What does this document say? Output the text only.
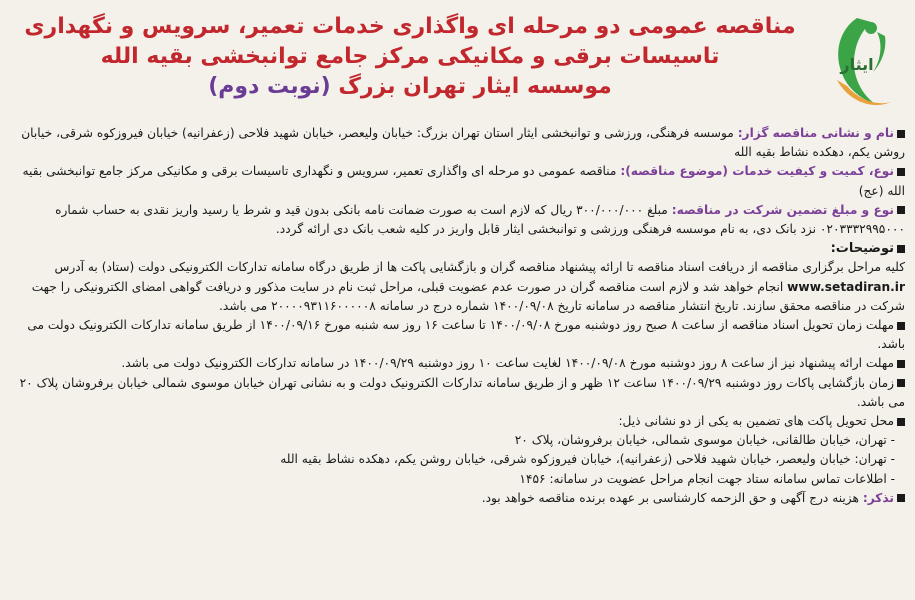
ایثار
مناقصه عمومی دو مرحله ای واگذاری خدمات تعمیر، سرویس و نگهداری
تاسیسات برقی و مکانیکی مرکز جامع توانبخشی بقیه الله
موسسه ایثار تهران بزرگ (نوبت دوم)

نام و نشانی مناقصه گزار: موسسه فرهنگی، ورزشی و توانبخشی ایثار استان تهران بزرگ: خیابان ولیعصر، خیابان شهید فلاحی (زعفرانیه) خیابان فیروزکوه شرقی، خیابان روشن یکم، دهکده نشاط بقیه الله

نوع، کمیت و کیفیت خدمات (موضوع مناقصه): مناقصه عمومی دو مرحله ای واگذاری تعمیر، سرویس و نگهداری تاسیسات برقی و مکانیکی مرکز جامع توانبخشی بقیه الله (عج)

نوع و مبلغ تضمین شرکت در مناقصه: مبلغ ۳۰۰/۰۰۰/۰۰۰ ریال که لازم است به صورت ضمانت نامه بانکی بدون قید و شرط یا رسید واریز نقدی به حساب شماره ۰۲۰۳۳۳۲۹۹۵۰۰۰ نزد بانک دی، به نام موسسه فرهنگی ورزشی و توانبخشی ایثار قابل واریز در کلیه شعب بانک دی ارائه گردد.

توضیحات:

کلیه مراحل برگزاری مناقصه از دریافت اسناد مناقصه تا ارائه پیشنهاد مناقصه گران و بازگشایی پاکت ها از طریق درگاه سامانه تدارکات الکترونیکی دولت (ستاد) به آدرس www.setadiran.ir انجام خواهد شد و لازم است مناقصه گران در صورت عدم عضویت قبلی، مراحل ثبت نام در سایت مذکور و دریافت گواهی امضای الکترونیکی را جهت شرکت در مناقصه محقق سازند. تاریخ انتشار مناقصه در سامانه تاریخ ۱۴۰۰/۰۹/۰۸ شماره درج در سامانه ۲۰۰۰۰۹۳۱۱۶۰۰۰۰۰۸ می باشد.

مهلت زمان تحویل اسناد مناقصه از ساعت ۸ صبح روز دوشنبه مورخ ۱۴۰۰/۰۹/۰۸ تا ساعت ۱۶ روز سه شنبه مورخ ۱۴۰۰/۰۹/۱۶ از طریق سامانه تدارکات الکترونیک دولت می باشد.

مهلت ارائه پیشنهاد نیز از ساعت ۸ روز دوشنبه مورخ ۱۴۰۰/۰۹/۰۸ لغایت ساعت ۱۰ روز دوشنبه ۱۴۰۰/۰۹/۲۹ در سامانه تدارکات الکترونیک دولت می باشد.

زمان بازگشایی پاکات روز دوشنبه ۱۴۰۰/۰۹/۲۹ ساعت ۱۲ ظهر و از طریق سامانه تدارکات الکترونیک دولت و به نشانی تهران خیابان موسوی شمالی خیابان برفروشان پلاک ۲۰ می باشد.

محل تحویل پاکت های تضمین به یکی از دو نشانی ذیل:

- تهران، خیابان طالقانی، خیابان موسوی شمالی، خیابان برفروشان، پلاک ۲۰

- تهران: خیابان ولیعصر، خیابان شهید فلاحی (زعفرانیه)، خیابان فیروزکوه شرقی، خیابان روشن یکم، دهکده نشاط بقیه الله

- اطلاعات تماس سامانه ستاد جهت انجام مراحل عضویت در سامانه: ۱۴۵۶

تذکر: هزینه درج آگهی و حق الزحمه کارشناسی بر عهده برنده مناقصه خواهد بود.
